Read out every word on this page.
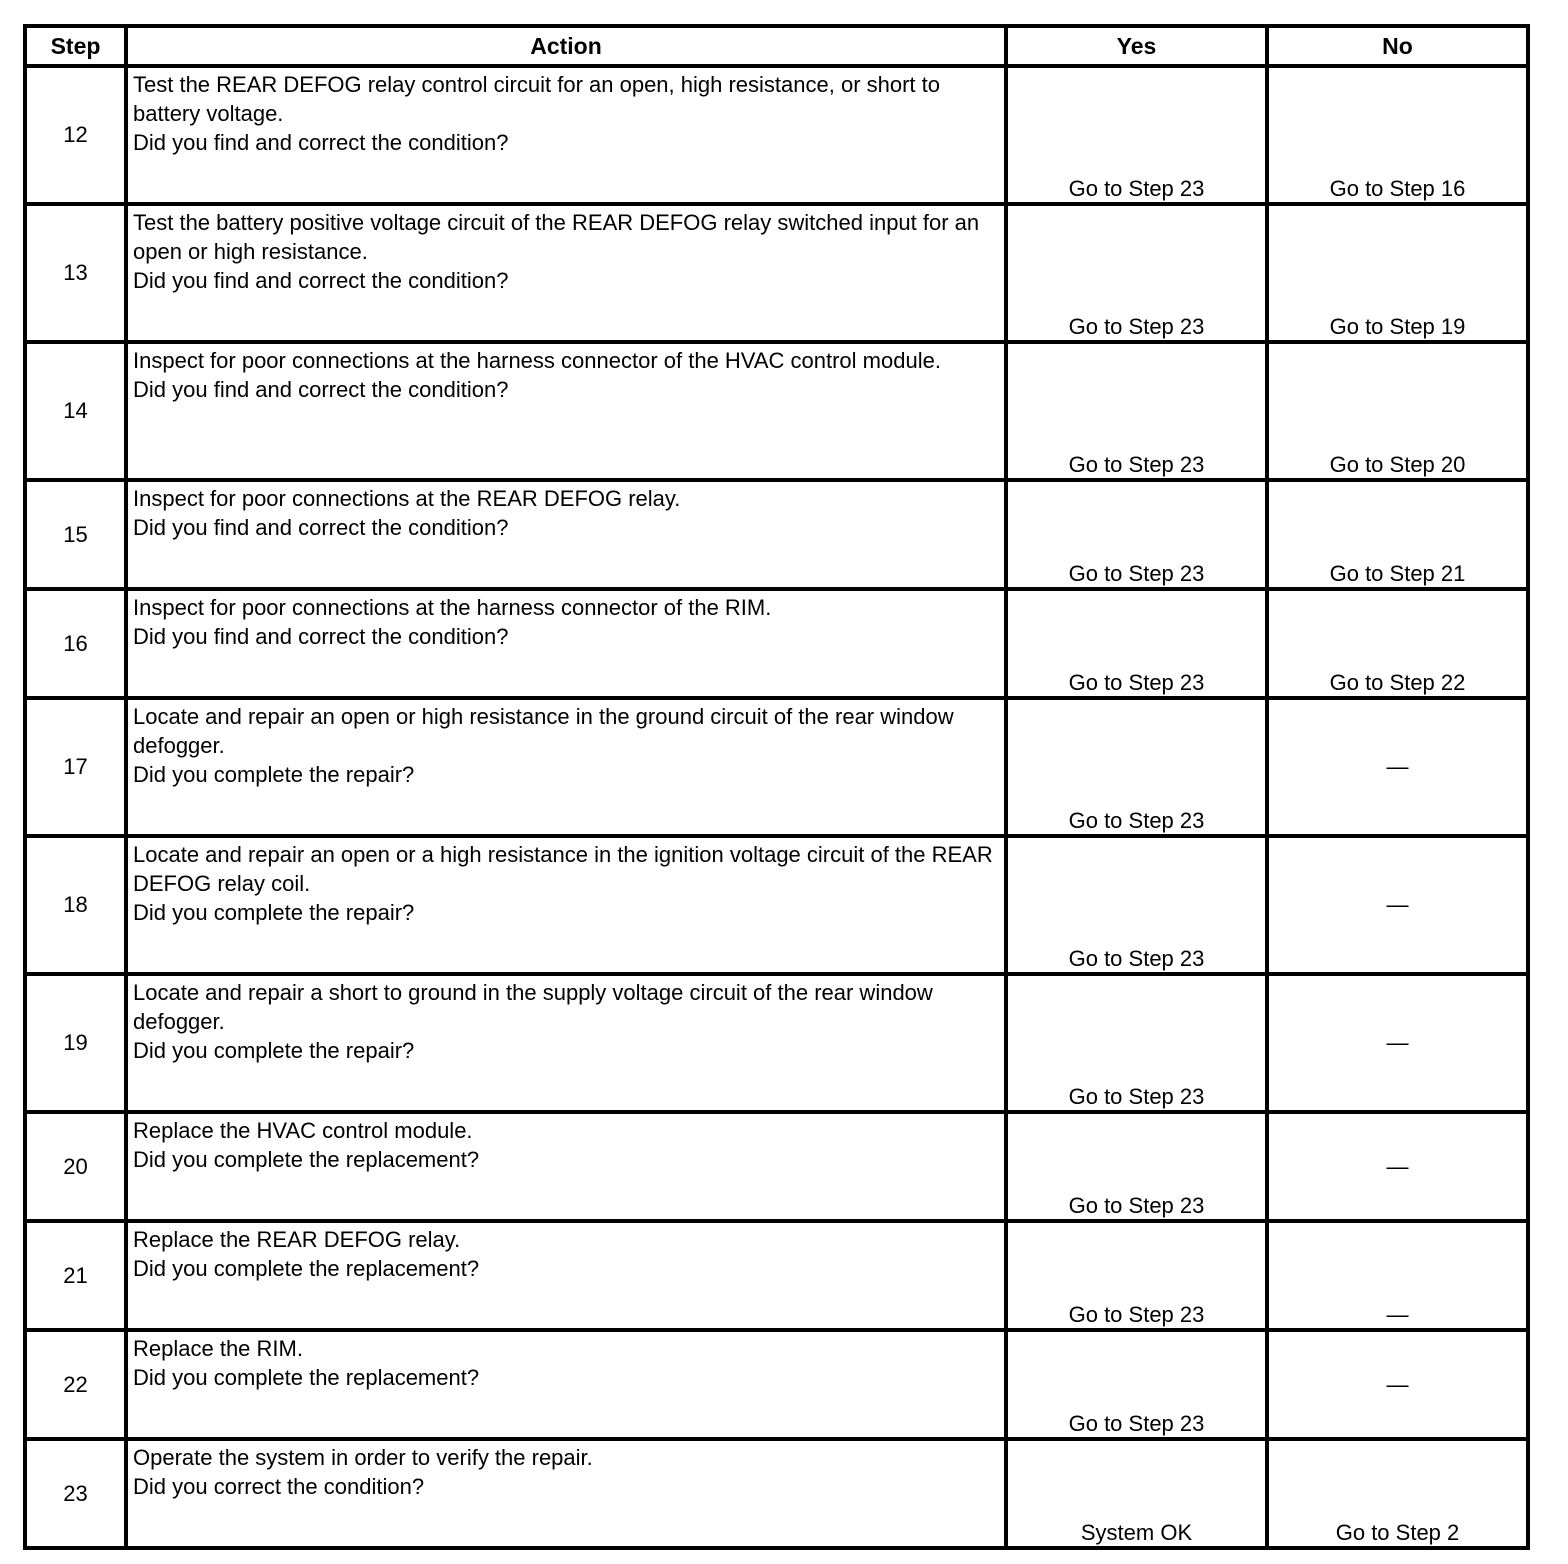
Step	Action	Yes	No
12	Test the REAR DEFOG relay control circuit for an open, high resistance, or short to battery voltage.
Did you find and correct the condition?	Go to Step 23	Go to Step 16
13	Test the battery positive voltage circuit of the REAR DEFOG relay switched input for an open or high resistance.
Did you find and correct the condition?	Go to Step 23	Go to Step 19
14	Inspect for poor connections at the harness connector of the HVAC control module.
Did you find and correct the condition?	Go to Step 23	Go to Step 20
15	Inspect for poor connections at the REAR DEFOG relay.
Did you find and correct the condition?	Go to Step 23	Go to Step 21
16	Inspect for poor connections at the harness connector of the RIM.
Did you find and correct the condition?	Go to Step 23	Go to Step 22
17	Locate and repair an open or high resistance in the ground circuit of the rear window defogger.
Did you complete the repair?	Go to Step 23	—
18	Locate and repair an open or a high resistance in the ignition voltage circuit of the REAR DEFOG relay coil.
Did you complete the repair?	Go to Step 23	—
19	Locate and repair a short to ground in the supply voltage circuit of the rear window defogger.
Did you complete the repair?	Go to Step 23	—
20	Replace the HVAC control module.
Did you complete the replacement?	Go to Step 23	—
21	Replace the REAR DEFOG relay.
Did you complete the replacement?	Go to Step 23	—
22	Replace the RIM.
Did you complete the replacement?	Go to Step 23	—
23	Operate the system in order to verify the repair.
Did you correct the condition?	System OK	Go to Step 2
